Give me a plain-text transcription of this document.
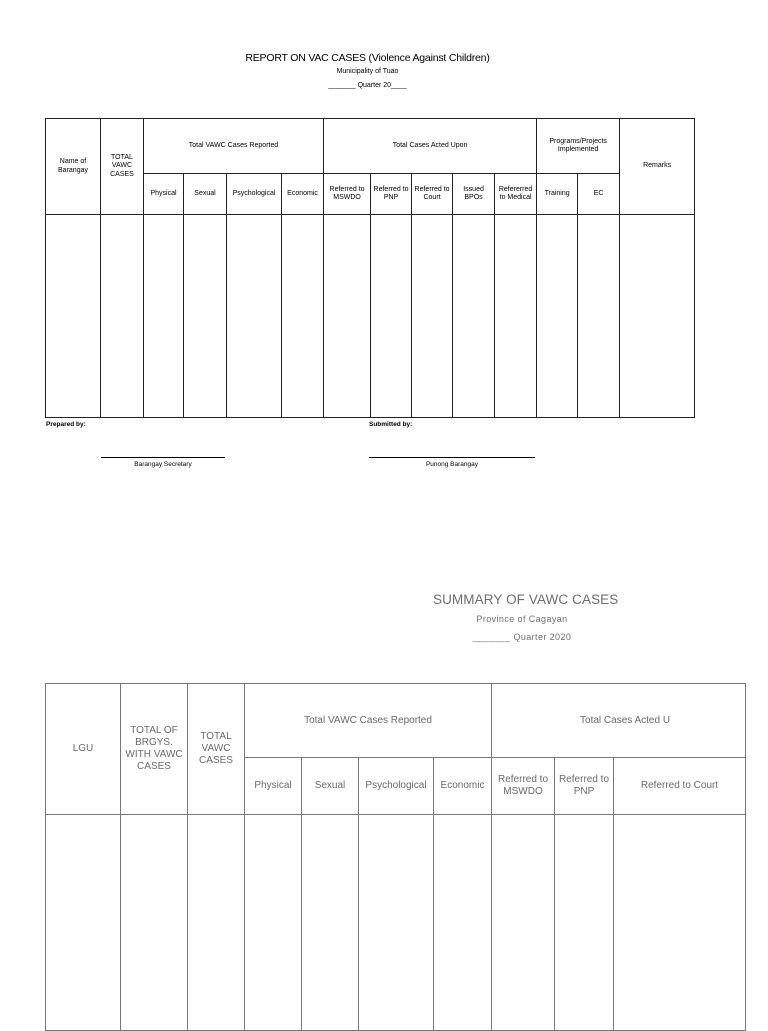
REPORT ON VAC CASES (Violence Against Children)
Municipality of Tuao
_______ Quarter 20____
Name of Barangay	TOTAL VAWC CASES	Total VAWC Cases Reported				Total Cases Acted Upon					Programs/Projects Implemented		Remarks
		Physical	Sexual	Psychological	Economic	Referred to MSWDO	Referred to PNP	Referred to Court	Issued BPOs	Refererred to Medical	Training	EC	

Prepared by:	Submitted by:
Barangay Secretary	Punong Barangay
SUMMARY OF VAWC CASES
Province of Cagayan
_______ Quarter 2020
LGU	TOTAL OF BRGYS. WITH VAWC CASES	TOTAL VAWC CASES	Total VAWC Cases Reported				Total Cases Acted U		
			Physical	Sexual	Psychological	Economic	Referred to MSWDO	Referred to PNP	Referred to Court
